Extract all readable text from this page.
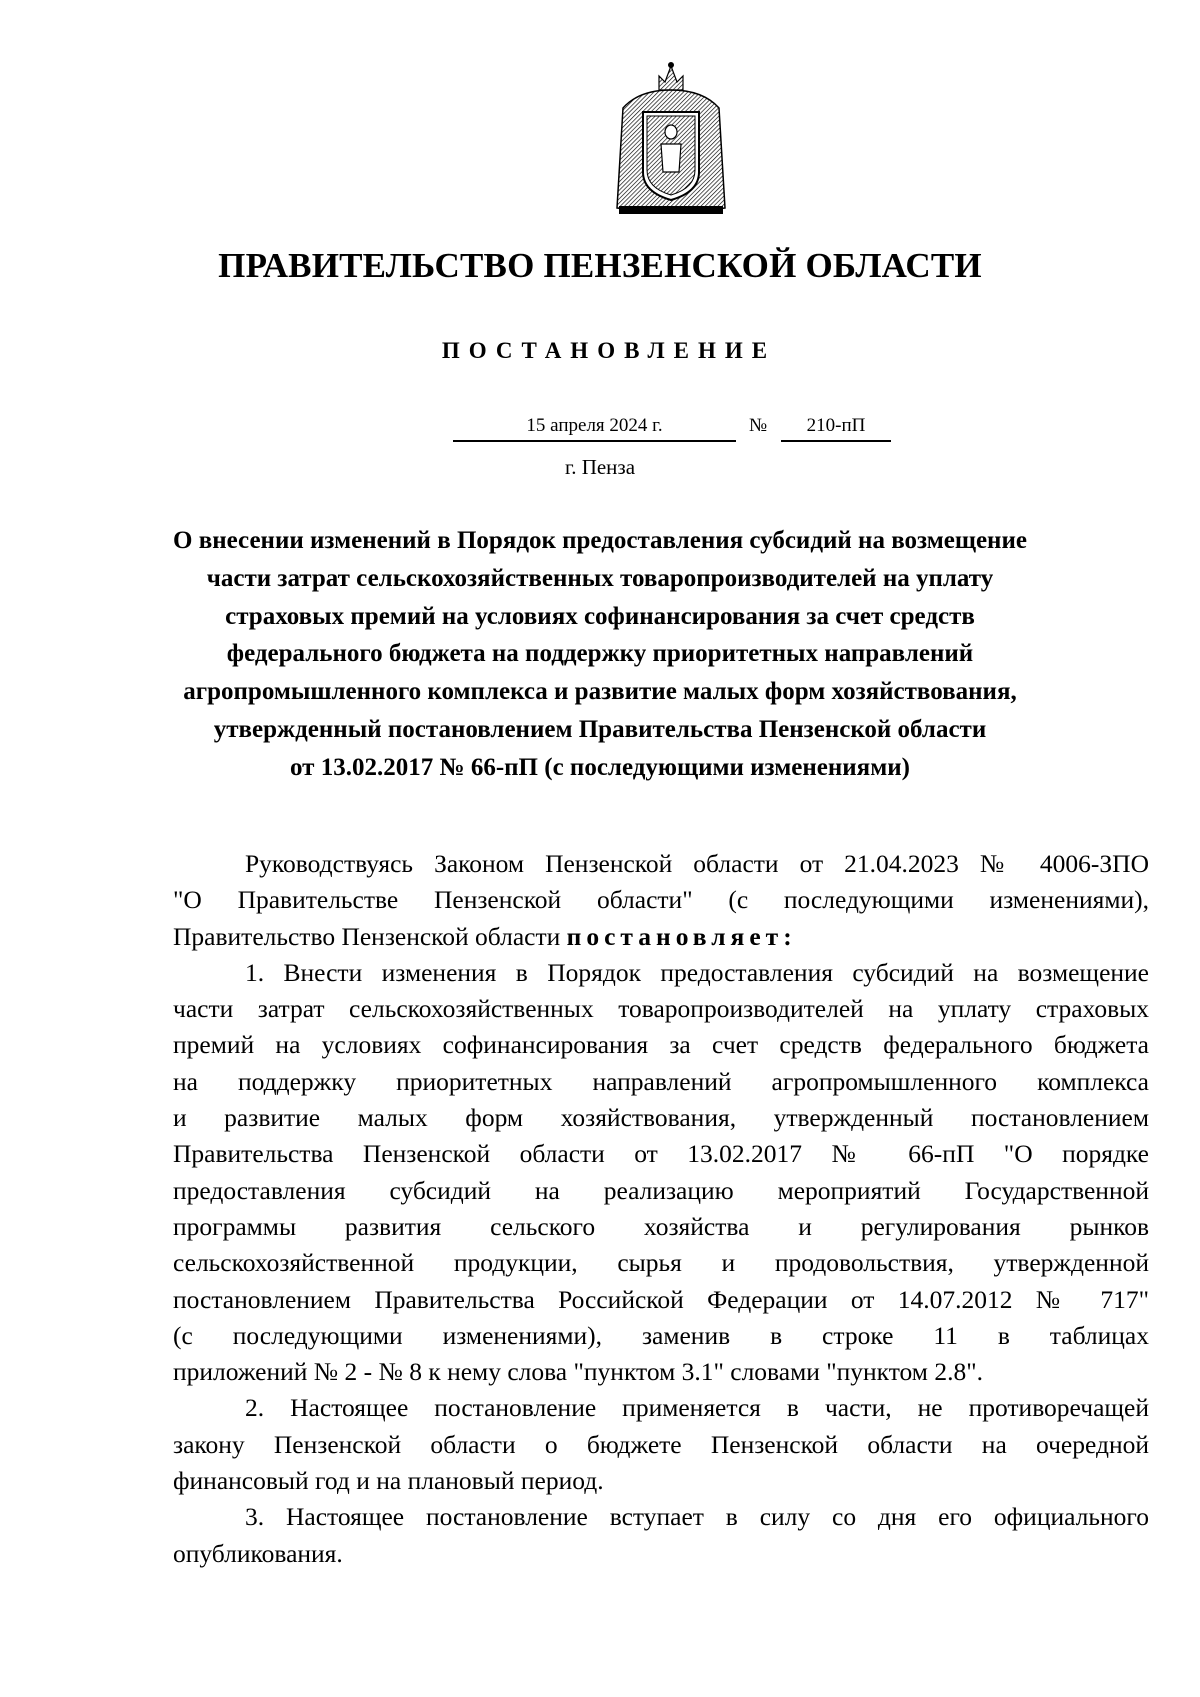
ПРАВИТЕЛЬСТВО ПЕНЗЕНСКОЙ ОБЛАСТИ
ПОСТАНОВЛЕНИЕ
15 апреля 2024 г.	№	210-пП
г. Пенза
О внесении изменений в Порядок предоставления субсидий на возмещение
части затрат сельскохозяйственных товаропроизводителей на уплату
страховых премий на условиях софинансирования за счет средств
федерального бюджета на поддержку приоритетных направлений
агропромышленного комплекса и развитие малых форм хозяйствования,
утвержденный постановлением Правительства Пензенской области
от 13.02.2017 № 66-пП (с последующими изменениями)

Руководствуясь Законом Пензенской области от 21.04.2023 № 4006-ЗПО
"О Правительстве Пензенской области" (с последующими изменениями),
Правительство Пензенской области постановляет:

1. Внести изменения в Порядок предоставления субсидий на возмещение
части затрат сельскохозяйственных товаропроизводителей на уплату страховых
премий на условиях софинансирования за счет средств федерального бюджета
на поддержку приоритетных направлений агропромышленного комплекса
и развитие малых форм хозяйствования, утвержденный постановлением
Правительства Пензенской области от 13.02.2017 № 66-пП "О порядке
предоставления субсидий на реализацию мероприятий Государственной
программы развития сельского хозяйства и регулирования рынков
сельскохозяйственной продукции, сырья и продовольствия, утвержденной
постановлением Правительства Российской Федерации от 14.07.2012 № 717"
(с последующими изменениями), заменив в строке 11 в таблицах
приложений № 2 - № 8 к нему слова "пунктом 3.1" словами "пунктом 2.8".

2. Настоящее постановление применяется в части, не противоречащей
закону Пензенской области о бюджете Пензенской области на очередной
финансовый год и на плановый период.

3. Настоящее постановление вступает в силу со дня его официального
опубликования.
